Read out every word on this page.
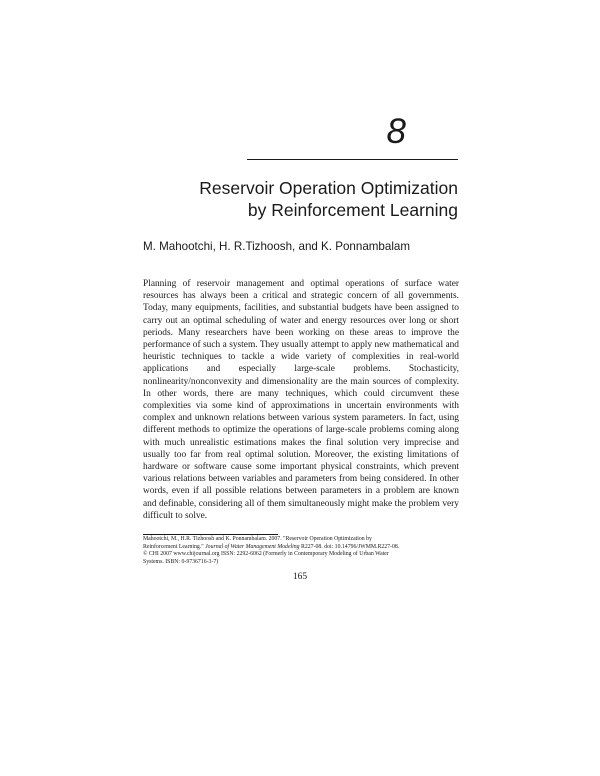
8
Reservoir Operation Optimization
by Reinforcement Learning
M. Mahootchi, H. R.Tizhoosh, and K. Ponnambalam

Planning of reservoir management and optimal operations of surface water resources has always been a critical and strategic concern of all governments. Today, many equipments, facilities, and substantial budgets have been assigned to carry out an optimal scheduling of water and energy resources over long or short periods. Many researchers have been working on these areas to improve the performance of such a system. They usually attempt to apply new mathematical and heuristic techniques to tackle a wide variety of complexities in real-world applications and especially large-scale problems. Stochasticity, nonlinearity/nonconvexity and dimensionality are the main sources of complexity. In other words, there are many techniques, which could circumvent these complexities via some kind of approximations in uncertain environments with complex and unknown relations between various system parameters. In fact, using different methods to optimize the operations of large-scale problems coming along with much unrealistic estimations makes the final solution very imprecise and usually too far from real optimal solution. Moreover, the existing limitations of hardware or software cause some important physical constraints, which prevent various relations between variables and parameters from being considered. In other words, even if all possible relations between parameters in a problem are known and definable, considering all of them simultaneously might make the problem very difficult to solve.

Mahootchi, M., H.R. Tizhoosh and K. Ponnambalam. 2007. "Reservoir Operation Optimization by
Reinforcement Learning." Journal of Water Management Modeling R227-08. doi: 10.14796/JWMM.R227-08.
© CHI 2007 www.chijournal.org ISSN: 2292-6062 (Formerly in Contemporary Modeling of Urban Water
Systems. ISBN: 0-9736716-3-7)
165
